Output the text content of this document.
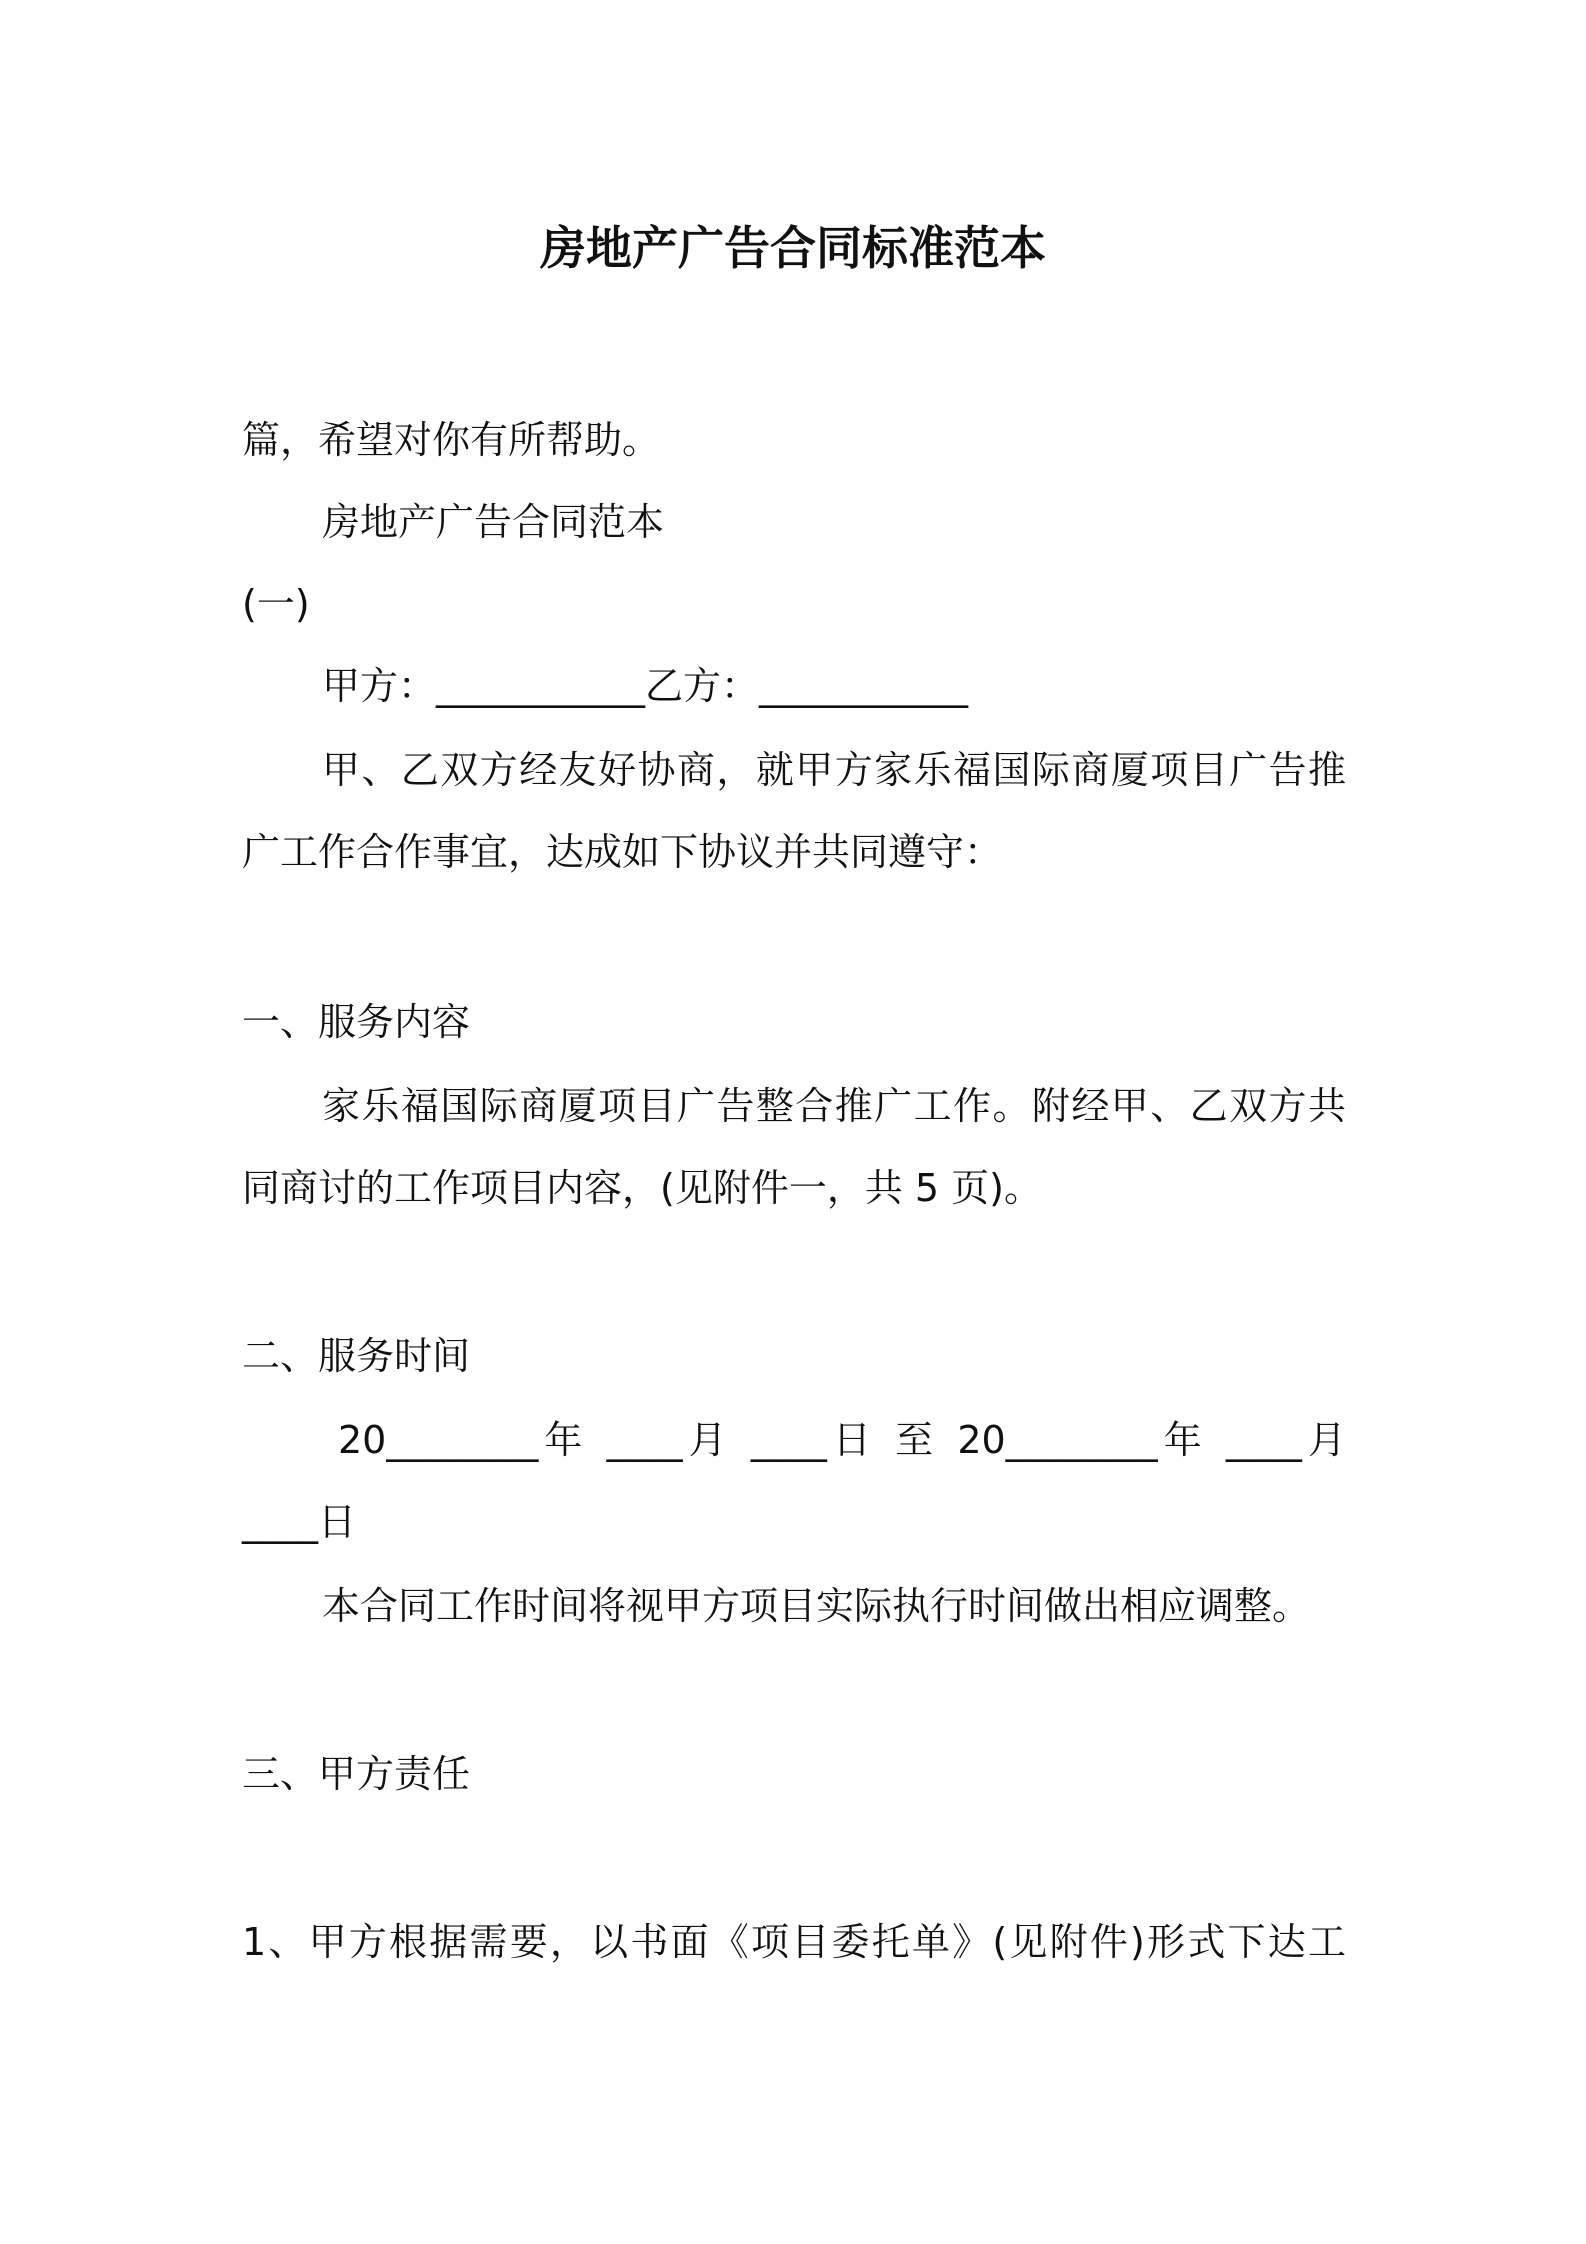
房地产广告合同标准范本
篇，希望对你有所帮助。
房地产广告合同范本
(一)
甲方：___________乙方：___________
甲、乙双方经友好协商，就甲方家乐福国际商厦项目广告推
广工作合作事宜，达成如下协议并共同遵守：
一、服务内容
家乐福国际商厦项目广告整合推广工作。附经甲、乙双方共
同商讨的工作项目内容，(见附件一，共 5 页)。
二、服务时间
20________年 ____月 ____日 至 20________年 ____月
____日
本合同工作时间将视甲方项目实际执行时间做出相应调整。
三、甲方责任
1、甲方根据需要，以书面《项目委托单》(见附件)形式下达工
